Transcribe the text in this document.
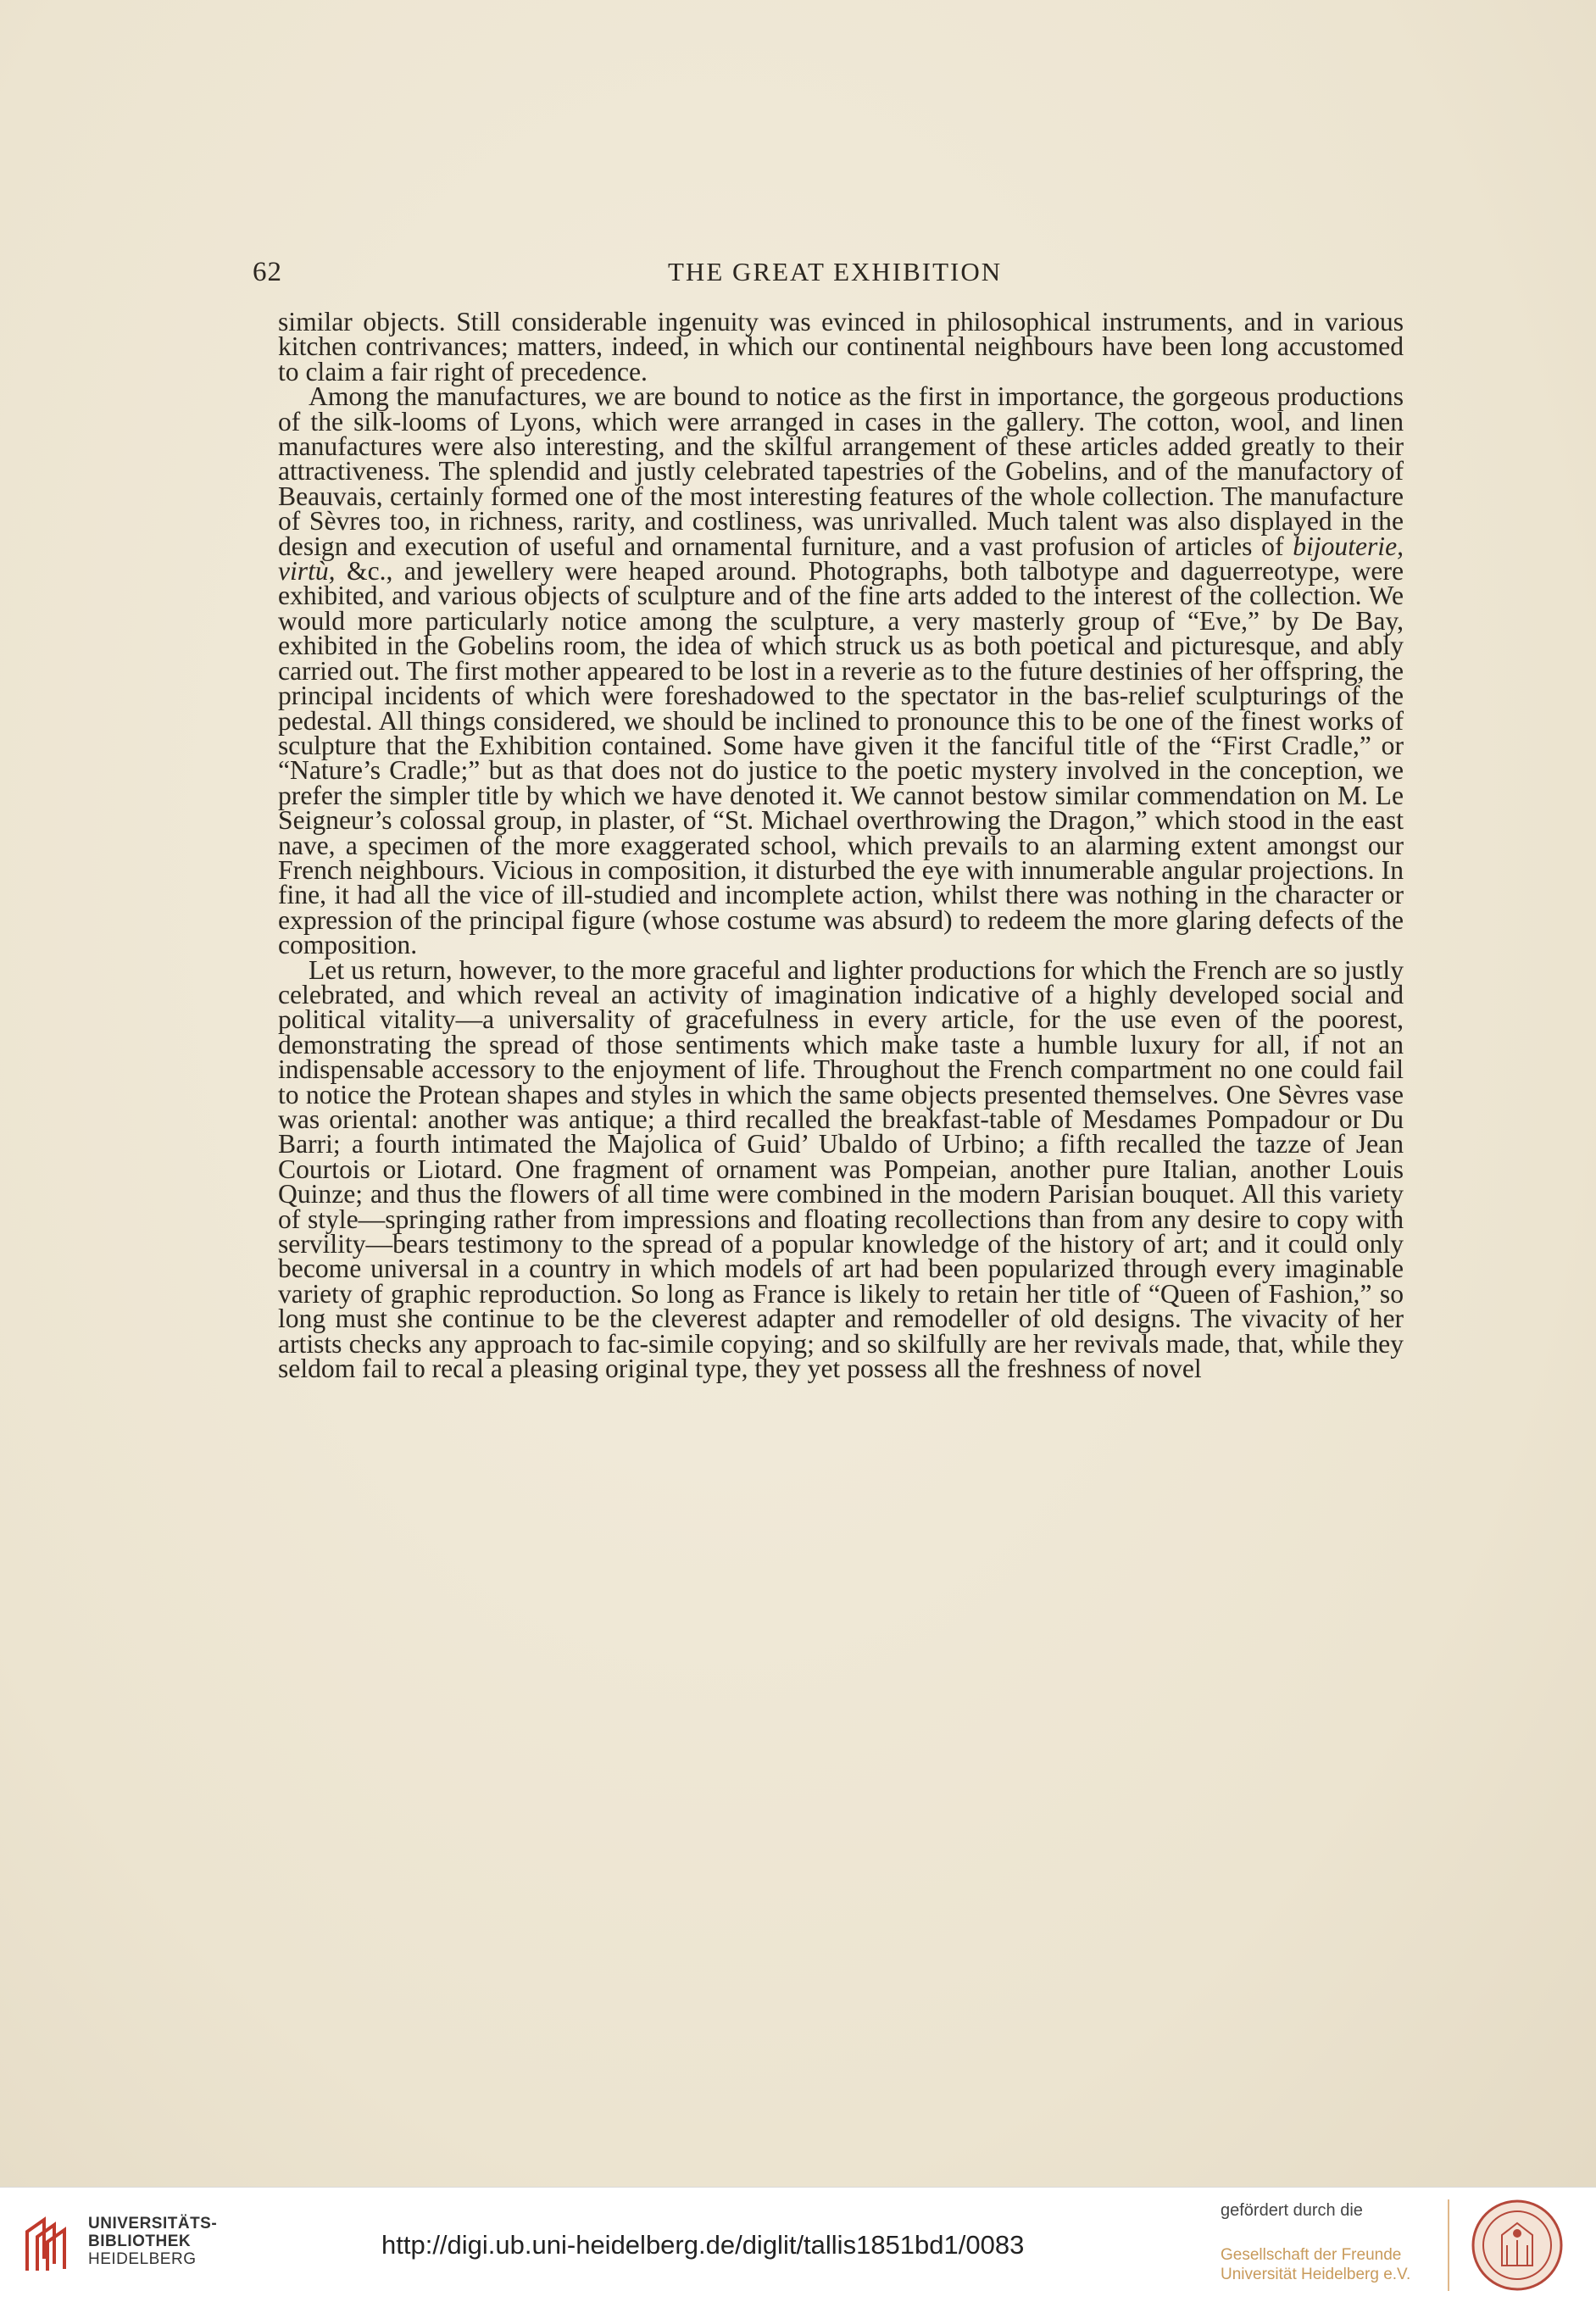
62	THE GREAT EXHIBITION

similar objects. Still considerable ingenuity was evinced in philosophical instruments, and in various kitchen contrivances; matters, indeed, in which our continental neighbours have been long accustomed to claim a fair right of precedence.

Among the manufactures, we are bound to notice as the first in importance, the gorgeous productions of the silk-looms of Lyons, which were arranged in cases in the gallery. The cotton, wool, and linen manufactures were also interesting, and the skilful arrangement of these articles added greatly to their attractiveness. The splendid and justly celebrated tapestries of the Gobelins, and of the manufactory of Beauvais, certainly formed one of the most interesting features of the whole collection. The manufacture of Sèvres too, in richness, rarity, and costliness, was unrivalled. Much talent was also displayed in the design and execution of useful and ornamental furniture, and a vast profusion of articles of bijouterie, virtù, &c., and jewellery were heaped around. Photographs, both talbotype and daguerreotype, were exhibited, and various objects of sculpture and of the fine arts added to the interest of the collection. We would more particularly notice among the sculpture, a very masterly group of “Eve,” by De Bay, exhibited in the Gobelins room, the idea of which struck us as both poetical and picturesque, and ably carried out. The first mother appeared to be lost in a reverie as to the future destinies of her offspring, the principal incidents of which were foreshadowed to the spectator in the bas-relief sculpturings of the pedestal. All things considered, we should be inclined to pronounce this to be one of the finest works of sculpture that the Exhibition contained. Some have given it the fanciful title of the “First Cradle,” or “Nature’s Cradle;” but as that does not do justice to the poetic mystery involved in the conception, we prefer the simpler title by which we have denoted it. We cannot bestow similar commendation on M. Le Seigneur’s colossal group, in plaster, of “St. Michael overthrowing the Dragon,” which stood in the east nave, a specimen of the more exaggerated school, which prevails to an alarming extent amongst our French neighbours. Vicious in composition, it disturbed the eye with innumerable angular projections. In fine, it had all the vice of ill-studied and incomplete action, whilst there was nothing in the character or expression of the principal figure (whose costume was absurd) to redeem the more glaring defects of the composition.

Let us return, however, to the more graceful and lighter productions for which the French are so justly celebrated, and which reveal an activity of imagination indicative of a highly developed social and political vitality—a universality of gracefulness in every article, for the use even of the poorest, demonstrating the spread of those sentiments which make taste a humble luxury for all, if not an indispensable accessory to the enjoyment of life. Throughout the French compartment no one could fail to notice the Protean shapes and styles in which the same objects presented themselves. One Sèvres vase was oriental: another was antique; a third recalled the breakfast-table of Mesdames Pompadour or Du Barri; a fourth intimated the Majolica of Guid’ Ubaldo of Urbino; a fifth recalled the tazze of Jean Courtois or Liotard. One fragment of ornament was Pompeian, another pure Italian, another Louis Quinze; and thus the flowers of all time were combined in the modern Parisian bouquet. All this variety of style—springing rather from impressions and floating recollections than from any desire to copy with servility—bears testimony to the spread of a popular knowledge of the history of art; and it could only become universal in a country in which models of art had been popularized through every imaginable variety of graphic reproduction. So long as France is likely to retain her title of “Queen of Fashion,” so long must she continue to be the cleverest adapter and remodeller of old designs. The vivacity of her artists checks any approach to fac-simile copying; and so skilfully are her revivals made, that, while they seldom fail to recal a pleasing original type, they yet possess all the freshness of novel

UNIVERSITÄTS-
BIBLIOTHEK
HEIDELBERG	http://digi.ub.uni-heidelberg.de/diglit/tallis1851bd1/0083
gefördert durch die
Gesellschaft der Freunde
Universität Heidelberg e.V.
